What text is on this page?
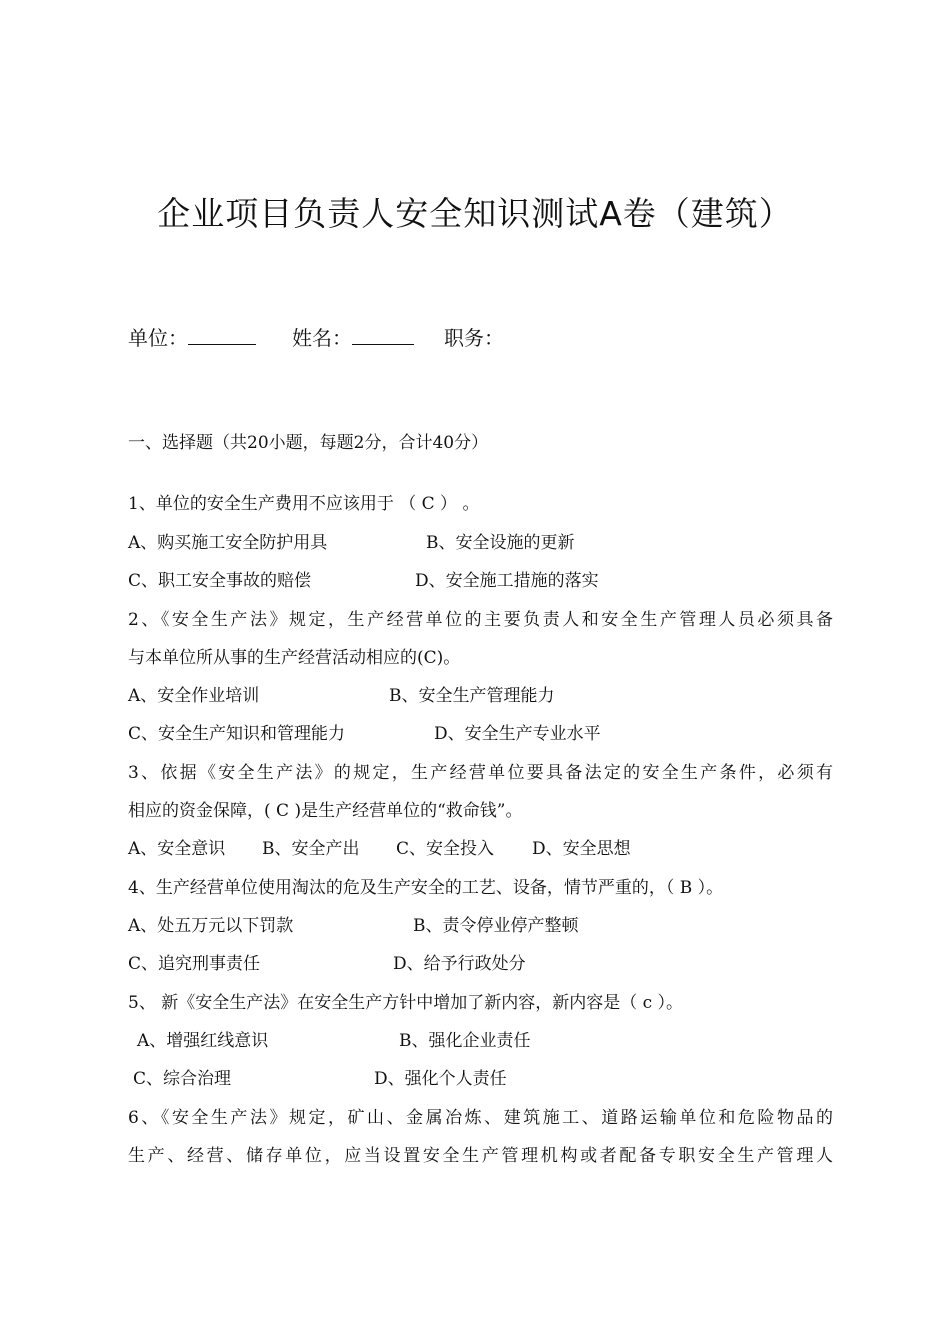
企业项目负责人安全知识测试A卷（建筑）
单位：	姓名：	职务：
一、选择题（共20小题，每题2分，合计40分）
1、单位的安全生产费用不应该用于 （ C ） 。
A、购买施工安全防护用具	B、安全设施的更新
C、职工安全事故的赔偿	D、安全施工措施的落实
2、《安全生产法》规定，生产经营单位的主要负责人和安全生产管理人员必须具备
与本单位所从事的生产经营活动相应的(C)。
A、安全作业培训	B、安全生产管理能力
C、安全生产知识和管理能力	D、安全生产专业水平
3、依据《安全生产法》的规定，生产经营单位要具备法定的安全生产条件，必须有
相应的资金保障，( C )是生产经营单位的“救命钱”。
A、安全意识 B、安全产出 C、安全投入 D、安全思想
4、生产经营单位使用淘汰的危及生产安全的工艺、设备，情节严重的，（ B ）。
A、处五万元以下罚款	B、责令停业停产整顿
C、追究刑事责任	D、给予行政处分
5、 新《安全生产法》在安全生产方针中增加了新内容，新内容是（ c ）。
A、增强红线意识	B、强化企业责任
C、综合治理	D、强化个人责任
6、《安全生产法》规定，矿山、金属冶炼、建筑施工、道路运输单位和危险物品的
生产、经营、储存单位，应当设置安全生产管理机构或者配备专职安全生产管理人
